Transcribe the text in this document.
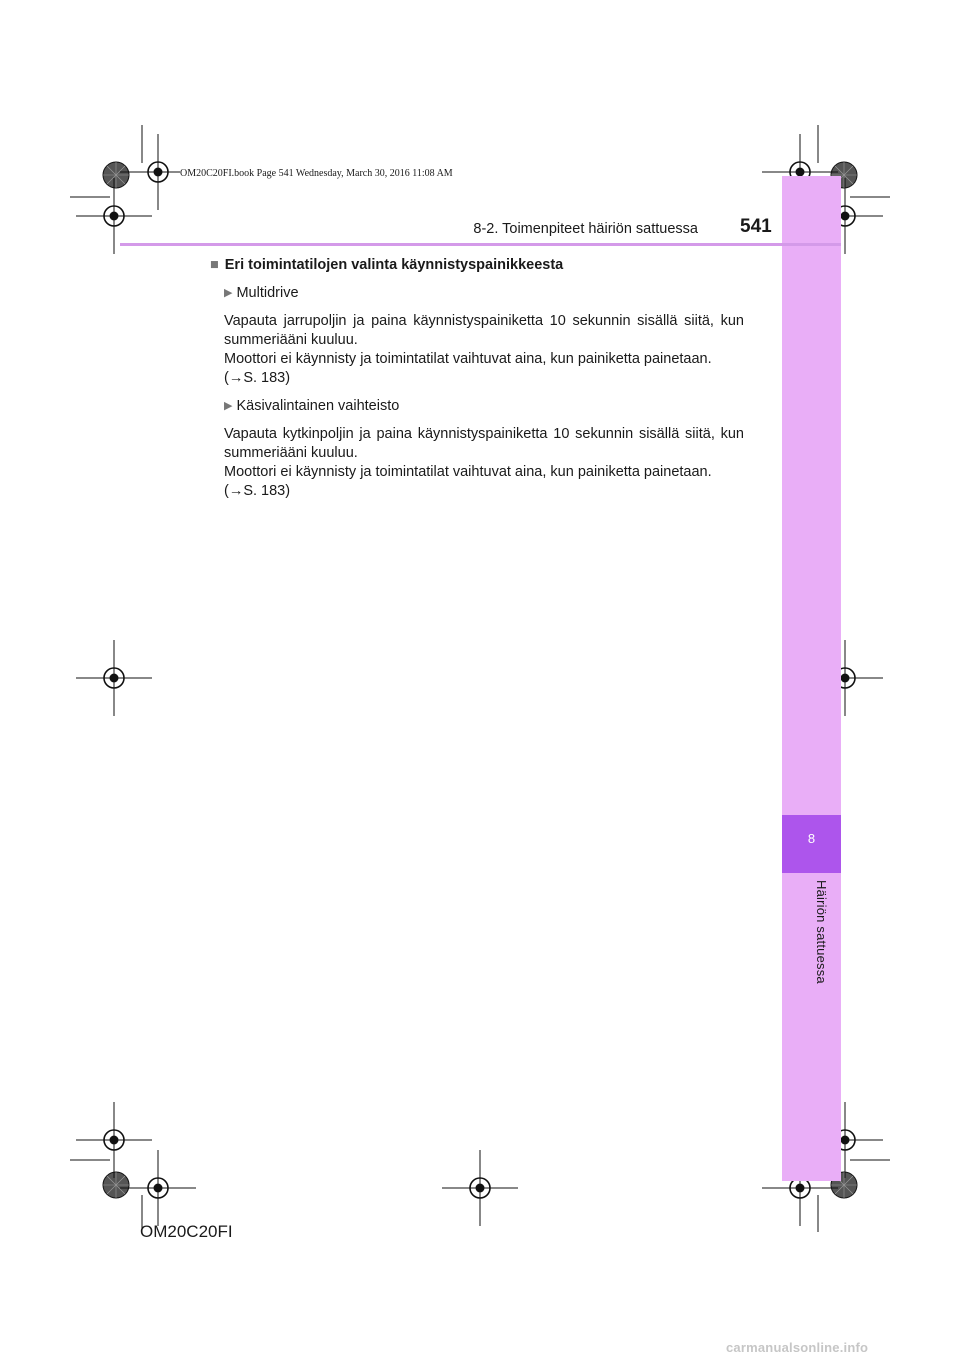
8
Häiriön sattuessa
OM20C20FI.book Page 541 Wednesday, March 30, 2016 11:08 AM
8-2. Toimenpiteet häiriön sattuessa 541
■ Eri toimintatilojen valinta käynnistyspainikkeesta
▶ Multidrive

Vapauta jarrupoljin ja paina käynnistyspainiketta 10 sekunnin sisällä siitä, kun summeriääni kuuluu.

Moottori ei käynnisty ja toimintatilat vaihtuvat aina, kun painiketta painetaan.

(→S. 183)

▶ Käsivalintainen vaihteisto

Vapauta kytkinpoljin ja paina käynnistyspainiketta 10 sekunnin sisällä siitä, kun summeriääni kuuluu.

Moottori ei käynnisty ja toimintatilat vaihtuvat aina, kun painiketta painetaan.

(→S. 183)

OM20C20FI
carmanualsonline.info
